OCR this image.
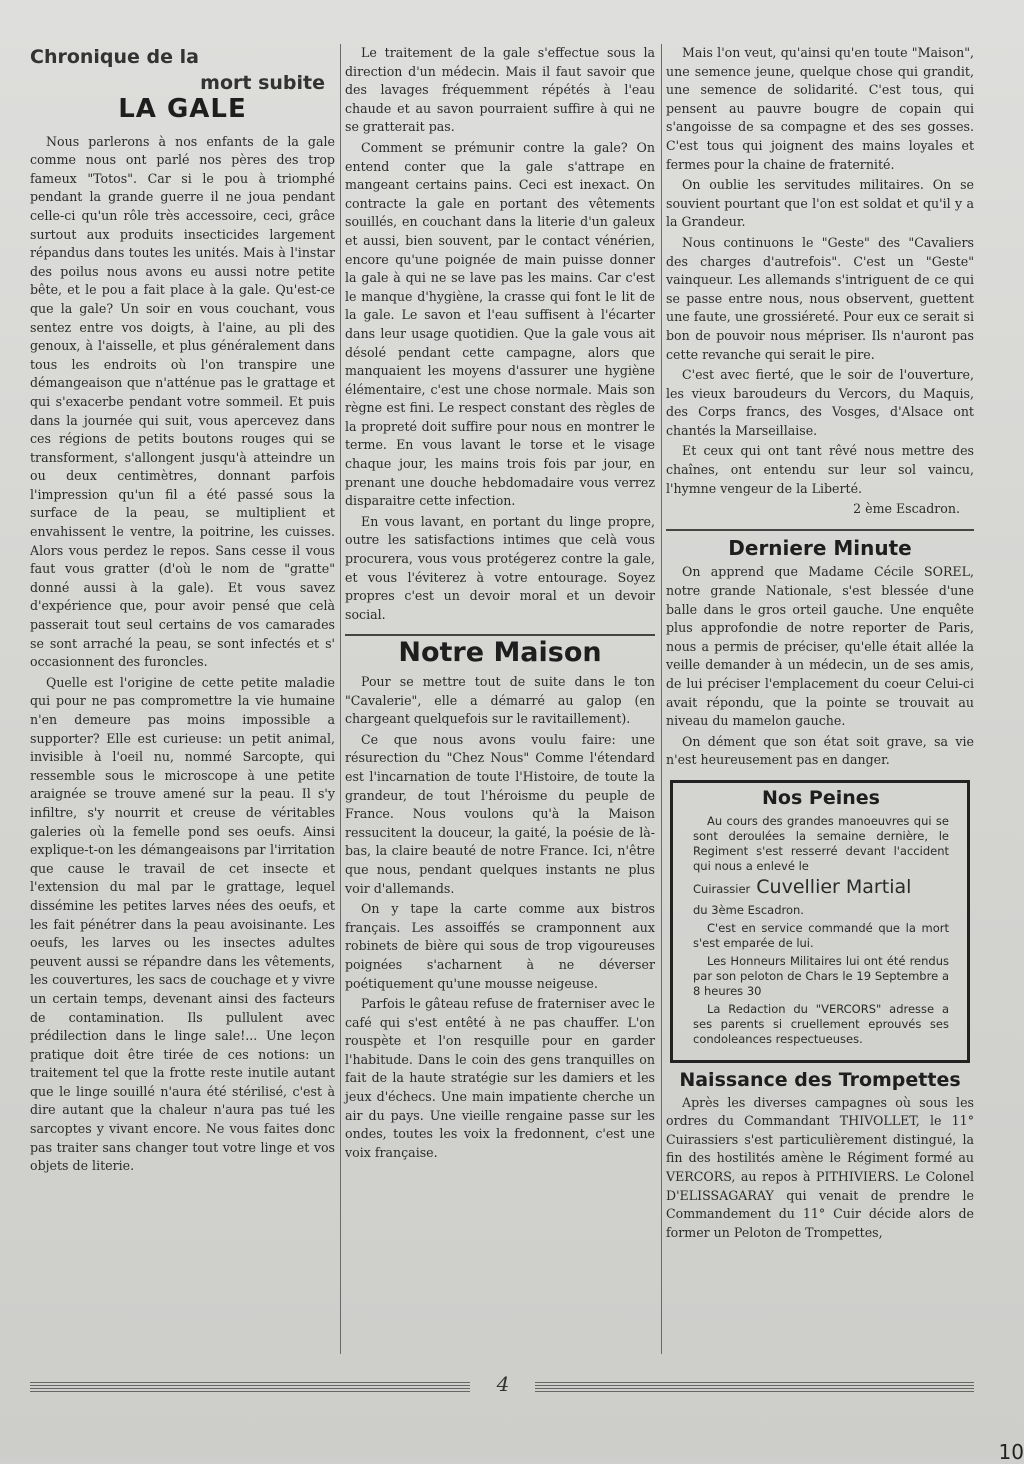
Chronique de la
mort subite
LA GALE

Nous parlerons à nos enfants de la gale comme nous ont parlé nos pères des trop fameux "Totos". Car si le pou à triomphé pendant la grande guerre il ne joua pendant celle-ci qu'un rôle très accessoire, ceci, grâce surtout aux produits insecticides largement répandus dans toutes les unités. Mais à l'instar des poilus nous avons eu aussi notre petite bête, et le pou a fait place à la gale. Qu'est-ce que la gale? Un soir en vous couchant, vous sentez entre vos doigts, à l'aine, au pli des genoux, à l'aisselle, et plus généralement dans tous les endroits où l'on transpire une démangeaison que n'atténue pas le grattage et qui s'exacerbe pendant votre sommeil. Et puis dans la journée qui suit, vous apercevez dans ces régions de petits boutons rouges qui se transforment, s'allongent jusqu'à atteindre un ou deux centimètres, donnant parfois l'impression qu'un fil a été passé sous la surface de la peau, se multiplient et envahissent le ventre, la poitrine, les cuisses. Alors vous perdez le repos. Sans cesse il vous faut vous gratter (d'où le nom de "gratte" donné aussi à la gale). Et vous savez d'expérience que, pour avoir pensé que celà passerait tout seul certains de vos camarades se sont arraché la peau, se sont infectés et s' occasionnent des furoncles.

Quelle est l'origine de cette petite maladie qui pour ne pas compromettre la vie humaine n'en demeure pas moins impossible a supporter? Elle est curieuse: un petit animal, invisible à l'oeil nu, nommé Sarcopte, qui ressemble sous le microscope à une petite araignée se trouve amené sur la peau. Il s'y infiltre, s'y nourrit et creuse de véritables galeries où la femelle pond ses oeufs. Ainsi explique-t-on les démangeaisons par l'irritation que cause le travail de cet insecte et l'extension du mal par le grattage, lequel dissémine les petites larves nées des oeufs, et les fait pénétrer dans la peau avoisinante. Les oeufs, les larves ou les insectes adultes peuvent aussi se répandre dans les vêtements, les couvertures, les sacs de couchage et y vivre un certain temps, devenant ainsi des facteurs de contamination. Ils pullulent avec prédilection dans le linge sale!... Une leçon pratique doit être tirée de ces notions: un traitement tel que la frotte reste inutile autant que le linge souillé n'aura été stérilisé, c'est à dire autant que la chaleur n'aura pas tué les sarcoptes y vivant encore. Ne vous faites donc pas traiter sans changer tout votre linge et vos objets de literie.

Le traitement de la gale s'effectue sous la direction d'un médecin. Mais il faut savoir que des lavages fréquemment répétés à l'eau chaude et au savon pourraient suffire à qui ne se gratterait pas.

Comment se prémunir contre la gale? On entend conter que la gale s'attrape en mangeant certains pains. Ceci est inexact. On contracte la gale en portant des vêtements souillés, en couchant dans la literie d'un galeux et aussi, bien souvent, par le contact vénérien, encore qu'une poignée de main puisse donner la gale à qui ne se lave pas les mains. Car c'est le manque d'hygiène, la crasse qui font le lit de la gale. Le savon et l'eau suffisent à l'écarter dans leur usage quotidien. Que la gale vous ait désolé pendant cette campagne, alors que manquaient les moyens d'assurer une hygiène élémentaire, c'est une chose normale. Mais son règne est fini. Le respect constant des règles de la propreté doit suffire pour nous en montrer le terme. En vous lavant le torse et le visage chaque jour, les mains trois fois par jour, en prenant une douche hebdomadaire vous verrez disparaitre cette infection.

En vous lavant, en portant du linge propre, outre les satisfactions intimes que celà vous procurera, vous vous protégerez contre la gale, et vous l'éviterez à votre entourage. Soyez propres c'est un devoir moral et un devoir social.

Notre Maison

Pour se mettre tout de suite dans le ton "Cavalerie", elle a démarré au galop (en chargeant quelquefois sur le ravitaillement).

Ce que nous avons voulu faire: une résurection du "Chez Nous" Comme l'étendard est l'incarnation de toute l'Histoire, de toute la grandeur, de tout l'héroisme du peuple de France. Nous voulons qu'à la Maison ressucitent la douceur, la gaité, la poésie de là-bas, la claire beauté de notre France. Ici, n'être que nous, pendant quelques instants ne plus voir d'allemands.

On y tape la carte comme aux bistros français. Les assoiffés se cramponnent aux robinets de bière qui sous de trop vigoureuses poignées s'acharnent à ne déverser poétiquement qu'une mousse neigeuse.

Parfois le gâteau refuse de fraterniser avec le café qui s'est entêté à ne pas chauffer. L'on rouspète et l'on resquille pour en garder l'habitude. Dans le coin des gens tranquilles on fait de la haute stratégie sur les damiers et les jeux d'échecs. Une main impatiente cherche un air du pays. Une vieille rengaine passe sur les ondes, toutes les voix la fredonnent, c'est une voix française.

Mais l'on veut, qu'ainsi qu'en toute "Maison", une semence jeune, quelque chose qui grandit, une semence de solidarité. C'est tous, qui pensent au pauvre bougre de copain qui s'angoisse de sa compagne et des ses gosses. C'est tous qui joignent des mains loyales et fermes pour la chaine de fraternité.

On oublie les servitudes militaires. On se souvient pourtant que l'on est soldat et qu'il y a la Grandeur.

Nous continuons le "Geste" des "Cavaliers des charges d'autrefois". C'est un "Geste" vainqueur. Les allemands s'intriguent de ce qui se passe entre nous, nous observent, guettent une faute, une grossiéreté. Pour eux ce serait si bon de pouvoir nous mépriser. Ils n'auront pas cette revanche qui serait le pire.

C'est avec fierté, que le soir de l'ouverture, les vieux baroudeurs du Vercors, du Maquis, des Corps francs, des Vosges, d'Alsace ont chantés la Marseillaise.

Et ceux qui ont tant rêvé nous mettre des chaînes, ont entendu sur leur sol vaincu, l'hymne vengeur de la Liberté.

2 ème Escadron.
Derniere Minute

On apprend que Madame Cécile SOREL, notre grande Nationale, s'est blessée d'une balle dans le gros orteil gauche. Une enquête plus approfondie de notre reporter de Paris, nous a permis de préciser, qu'elle était allée la veille demander à un médecin, un de ses amis, de lui préciser l'emplacement du coeur Celui-ci avait répondu, que la pointe se trouvait au niveau du mamelon gauche.

On dément que son état soit grave, sa vie n'est heureusement pas en danger.

Nos Peines

Au cours des grandes manoeuvres qui se sont deroulées la semaine dernière, le Regiment s'est resserré devant l'accident qui nous a enlevé le

Cuirassier Cuvellier Martial

du 3ème Escadron.

C'est en service commandé que la mort s'est emparée de lui.

Les Honneurs Militaires lui ont été rendus par son peloton de Chars le 19 Septembre a 8 heures 30

La Redaction du "VERCORS" adresse a ses parents si cruellement eprouvés ses condoleances respectueuses.

Naissance des Trompettes

Après les diverses campagnes où sous les ordres du Commandant THIVOLLET, le 11° Cuirassiers s'est particulièrement distingué, la fin des hostilités amène le Régiment formé au VERCORS, au repos à PITHIVIERS. Le Colonel D'ELISSAGARAY qui venait de prendre le Commandement du 11° Cuir décide alors de former un Peloton de Trompettes,

4
10
